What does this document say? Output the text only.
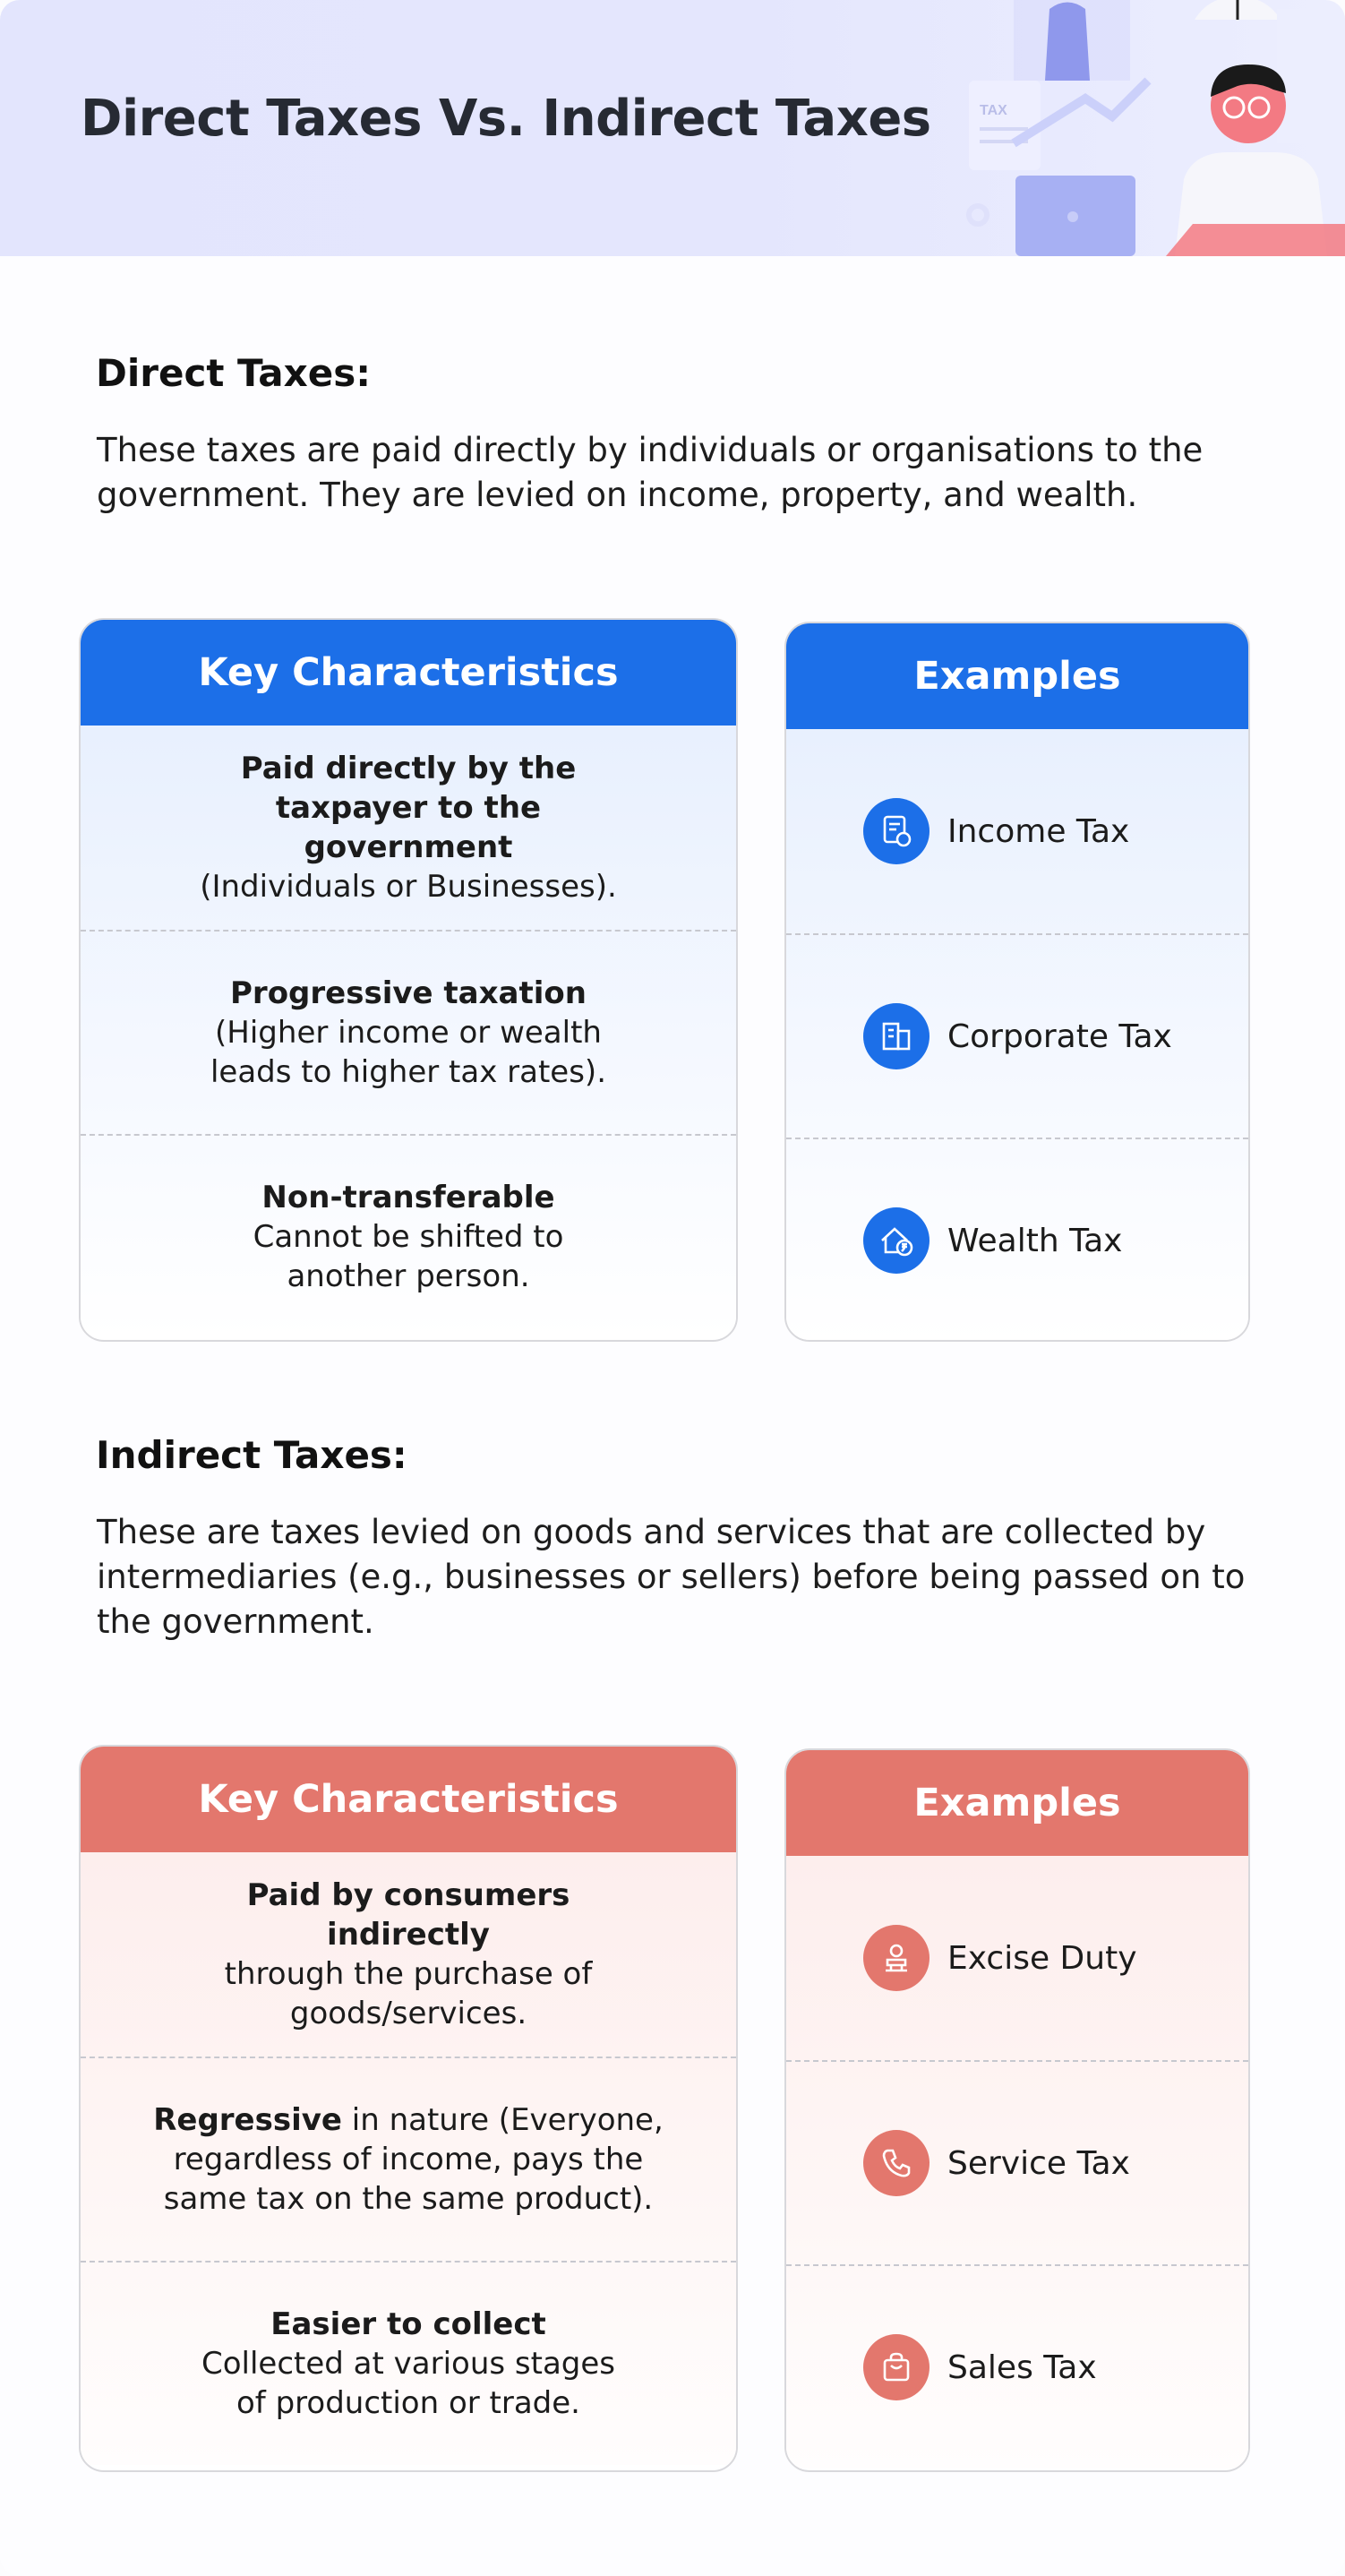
Direct Taxes Vs. Indirect Taxes	TAX
Direct Taxes:

These taxes are paid directly by individuals or organisations to the government. They are levied on income, property, and wealth.

Key Characteristics
Paid directly by the taxpayer to the government
(Individuals or Businesses).
Progressive taxation
(Higher income or wealth leads to higher tax rates).
Non-transferable
Cannot be shifted to another person.
Examples
Income Tax
Corporate Tax
Wealth Tax
Indirect Taxes:

These are taxes levied on goods and services that are collected by intermediaries (e.g., businesses or sellers) before being passed on to the government.

Key Characteristics
Paid by consumers indirectly
through the purchase of goods/services.
Regressive in nature (Everyone, regardless of income, pays the same tax on the same product).
Easier to collect
Collected at various stages of production or trade.
Examples
Excise Duty
Service Tax
Sales Tax
